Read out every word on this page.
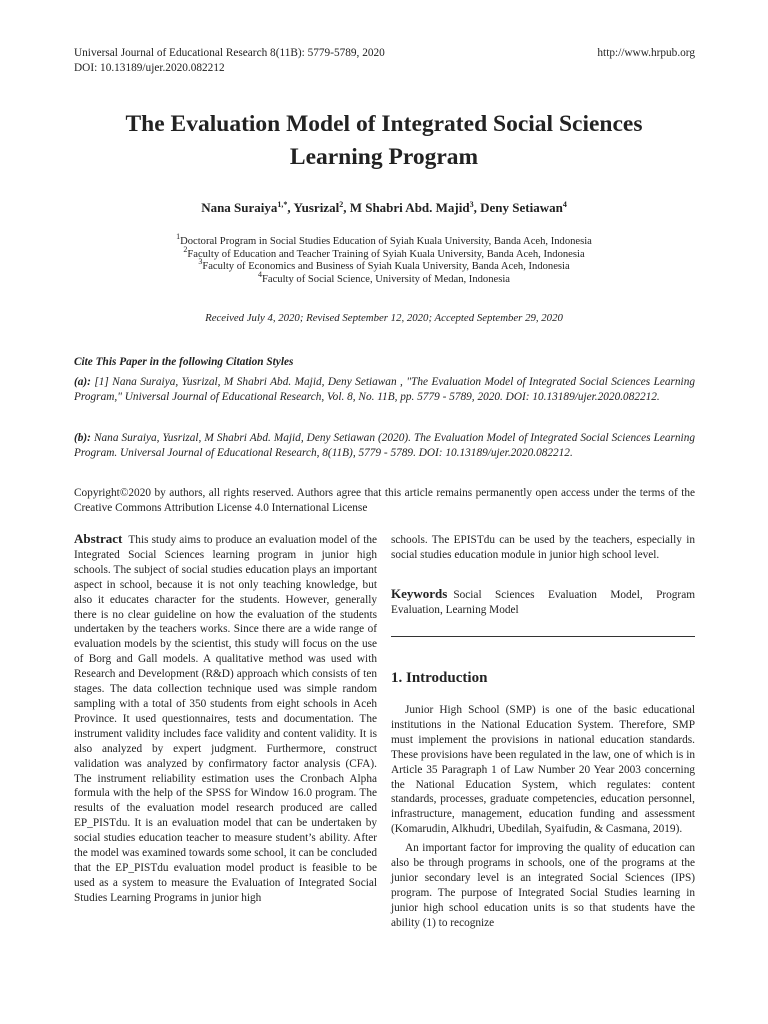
Universal Journal of Educational Research 8(11B): 5779-5789, 2020
DOI: 10.13189/ujer.2020.082212
http://www.hrpub.org
The Evaluation Model of Integrated Social Sciences
Learning Program
Nana Suraiya$^{1,*}$, Yusrizal$^2$, M Shabri Abd. Majid$^3$, Deny Setiawan$^4$
$^1$Doctoral Program in Social Studies Education of Syiah Kuala University, Banda Aceh, Indonesia
$^2$Faculty of Education and Teacher Training of Syiah Kuala University, Banda Aceh, Indonesia
$^3$Faculty of Economics and Business of Syiah Kuala University, Banda Aceh, Indonesia
$^4$Faculty of Social Science, University of Medan, Indonesia
Received July 4, 2020; Revised September 12, 2020; Accepted September 29, 2020
Cite This Paper in the following Citation Styles
(a): [1] Nana Suraiya, Yusrizal, M Shabri Abd. Majid, Deny Setiawan , "The Evaluation Model of Integrated Social Sciences Learning Program," Universal Journal of Educational Research, Vol. 8, No. 11B, pp. 5779 - 5789, 2020. DOI: 10.13189/ujer.2020.082212.
(b): Nana Suraiya, Yusrizal, M Shabri Abd. Majid, Deny Setiawan (2020). The Evaluation Model of Integrated Social Sciences Learning Program. Universal Journal of Educational Research, 8(11B), 5779 - 5789. DOI: 10.13189/ujer.2020.082212.
Copyright©2020 by authors, all rights reserved. Authors agree that this article remains permanently open access under the terms of the Creative Commons Attribution License 4.0 International License
Abstract This study aims to produce an evaluation model of the Integrated Social Sciences learning program in junior high schools. The subject of social studies education plays an important aspect in school, because it is not only teaching knowledge, but also it educates character for the students. However, generally there is no clear guideline on how the evaluation of the students undertaken by the teachers works. Since there are a wide range of evaluation models by the scientist, this study will focus on the use of Borg and Gall models. A qualitative method was used with Research and Development (R&D) approach which consists of ten stages. The data collection technique used was simple random sampling with a total of 350 students from eight schools in Aceh Province. It used questionnaires, tests and documentation. The instrument validity includes face validity and content validity. It is also analyzed by expert judgment. Furthermore, construct validation was analyzed by confirmatory factor analysis (CFA). The instrument reliability estimation uses the Cronbach Alpha formula with the help of the SPSS for Window 16.0 program. The results of the evaluation model research produced are called EP_PISTdu. It is an evaluation model that can be undertaken by social studies education teacher to measure student’s ability. After the model was examined towards some school, it can be concluded that the EP_PISTdu evaluation model product is feasible to be used as a system to measure the Evaluation of Integrated Social Studies Learning Programs in junior high
schools. The EPISTdu can be used by the teachers, especially in social studies education module in junior high school level.
Keywords Social Sciences Evaluation Model, Program Evaluation, Learning Model
1. Introduction

Junior High School (SMP) is one of the basic educational institutions in the National Education System. Therefore, SMP must implement the provisions in national education standards. These provisions have been regulated in the law, one of which is in Article 35 Paragraph 1 of Law Number 20 Year 2003 concerning the National Education System, which regulates: content standards, processes, graduate competencies, education personnel, infrastructure, management, education funding and assessment (Komarudin, Alkhudri, Ubedilah, Syaifudin, & Casmana, 2019).

An important factor for improving the quality of education can also be through programs in schools, one of the programs at the junior secondary level is an integrated Social Sciences (IPS) program. The purpose of Integrated Social Studies learning in junior high school education units is so that students have the ability (1) to recognize
